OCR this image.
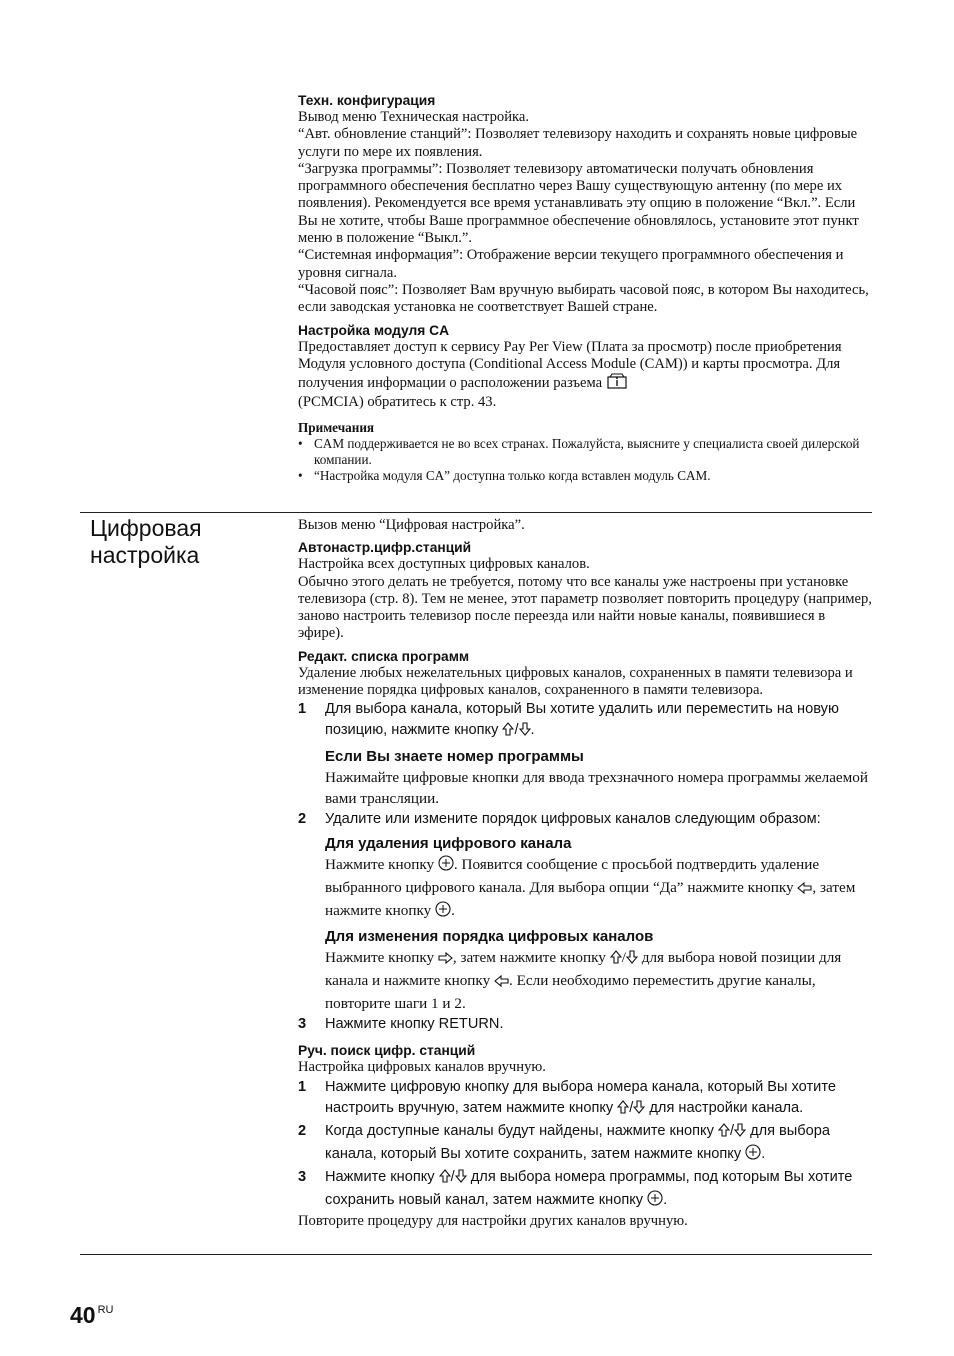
Техн. конфигурация

Вывод меню Техническая настройка.

“Авт. обновление станций”: Позволяет телевизору находить и сохранять новые цифровые услуги по мере их появления.

“Загрузка программы”: Позволяет телевизору автоматически получать обновления программного обеспечения бесплатно через Вашу существующую антенну (по мере их появления). Рекомендуется все время устанавливать эту опцию в положение “Вкл.”. Если Вы не хотите, чтобы Ваше программное обеспечение обновлялось, установите этот пункт меню в положение “Выкл.”.

“Системная информация”: Отображение версии текущего программного обеспечения и уровня сигнала.

“Часовой пояс”: Позволяет Вам вручную выбирать часовой пояс, в котором Вы находитесь, если заводская установка не соответствует Вашей стране.

Настройка модуля CA

Предоставляет доступ к сервису Pay Per View (Плата за просмотр) после приобретения Модуля условного доступа (Conditional Access Module (CAM)) и карты просмотра. Для получения информации о расположении разъема
(PCMCIA) обратитесь к стр. 43.

Примечания

• CAM поддерживается не во всех странах. Пожалуйста, выясните у специалиста своей дилерской компании.
• “Настройка модуля CA” доступна только когда вставлен модуль CAM.
Цифровая
настройка

Вызов меню “Цифровая настройка”.

Автонастр.цифр.станций

Настройка всех доступных цифровых каналов.

Обычно этого делать не требуется, потому что все каналы уже настроены при установке телевизора (стр. 8). Тем не менее, этот параметр позволяет повторить процедуру (например, заново настроить телевизор после переезда или найти новые каналы, появившиеся в эфире).

Редакт. списка программ

Удаление любых нежелательных цифровых каналов, сохраненных в памяти телевизора и изменение порядка цифровых каналов, сохраненного в памяти телевизора.

1	Для выбора канала, который Вы хотите удалить или переместить на новую позицию, нажмите кнопку / .

Если Вы знаете номер программы

Нажимайте цифровые кнопки для ввода трехзначного номера программы желаемой вами трансляции.

2	Удалите или измените порядок цифровых каналов следующим образом:

Для удаления цифрового канала

Нажмите кнопку . Появится сообщение с просьбой подтвердить удаление выбранного цифрового канала. Для выбора опции “Да” нажмите кнопку , затем нажмите кнопку .

Для изменения порядка цифровых каналов

Нажмите кнопку , затем нажмите кнопку / для выбора новой позиции для канала и нажмите кнопку . Если необходимо переместить другие каналы, повторите шаги 1 и 2.

3	Нажмите кнопку RETURN.

Руч. поиск цифр. станций

Настройка цифровых каналов вручную.

1	Нажмите цифровую кнопку для выбора номера канала, который Вы хотите настроить вручную, затем нажмите кнопку / для настройки канала.
2	Когда доступные каналы будут найдены, нажмите кнопку / для выбора канала, который Вы хотите сохранить, затем нажмите кнопку .
3	Нажмите кнопку / для выбора номера программы, под которым Вы хотите сохранить новый канал, затем нажмите кнопку .

Повторите процедуру для настройки других каналов вручную.

40 $^{RU}$
